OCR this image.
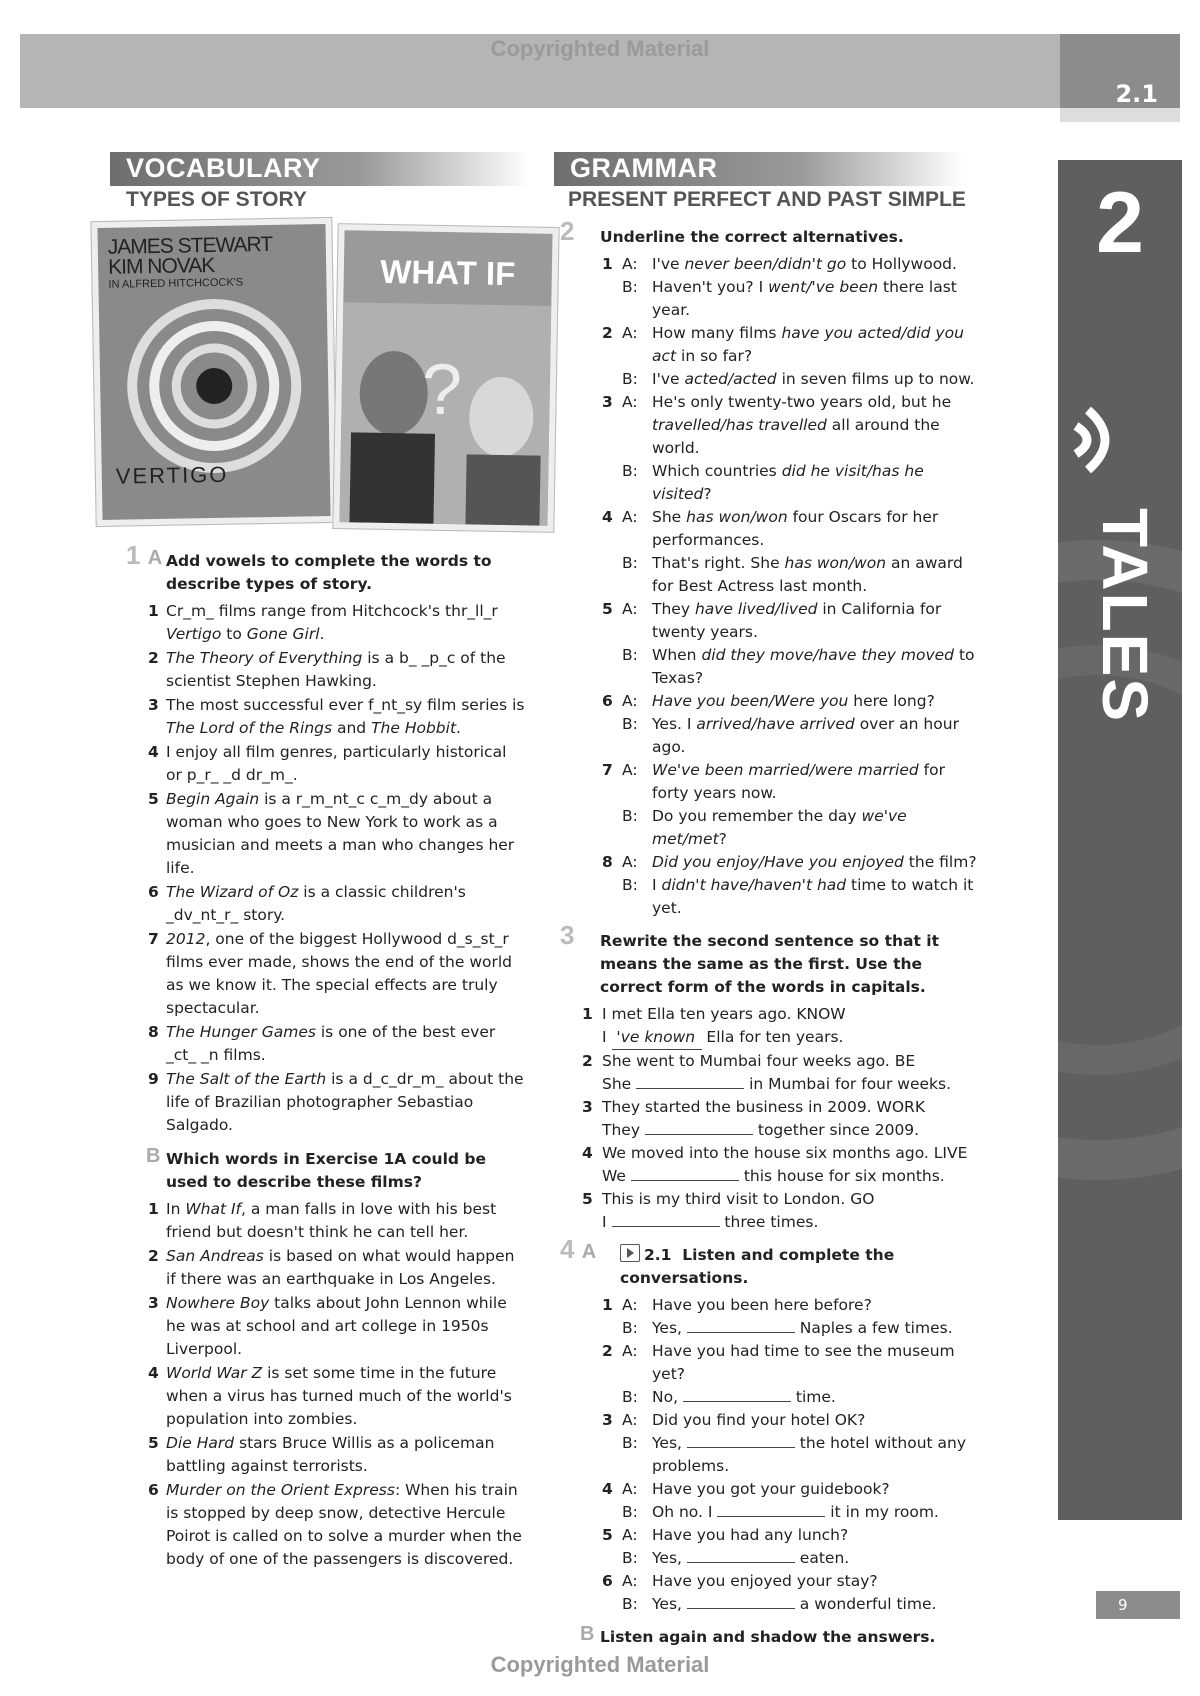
Copyrighted Material
2.1
2
TALES
VOCABULARY
TYPES OF STORY
GRAMMAR
PRESENT PERFECT AND PAST SIMPLE
JAMES STEWART
KIM NOVAK
IN ALFRED HITCHCOCK'S
VERTIGO
WHAT IF
?
1 A Add vowels to complete the words to describe types of story.
1 Cr_m_ films range from Hitchcock's thr_ll_r Vertigo to Gone Girl.
2 The Theory of Everything is a b_ _p_c of the scientist Stephen Hawking.
3 The most successful ever f_nt_sy film series is The Lord of the Rings and The Hobbit.
4 I enjoy all film genres, particularly historical or p_r_ _d dr_m_.
5 Begin Again is a r_m_nt_c c_m_dy about a woman who goes to New York to work as a musician and meets a man who changes her life.
6 The Wizard of Oz is a classic children's _dv_nt_r_ story.
7 2012, one of the biggest Hollywood d_s_st_r films ever made, shows the end of the world as we know it. The special effects are truly spectacular.
8 The Hunger Games is one of the best ever _ct_ _n films.
9 The Salt of the Earth is a d_c_dr_m_ about the life of Brazilian photographer Sebastiao Salgado.
B Which words in Exercise 1A could be used to describe these films?
1 In What If, a man falls in love with his best friend but doesn't think he can tell her.
2 San Andreas is based on what would happen if there was an earthquake in Los Angeles.
3 Nowhere Boy talks about John Lennon while he was at school and art college in 1950s Liverpool.
4 World War Z is set some time in the future when a virus has turned much of the world's population into zombies.
5 Die Hard stars Bruce Willis as a policeman battling against terrorists.
6 Murder on the Orient Express: When his train is stopped by deep snow, detective Hercule Poirot is called on to solve a murder when the body of one of the passengers is discovered.
2 Underline the correct alternatives.
1 A: I've never been/didn't go to Hollywood.
B: Haven't you? I went/'ve been there last year.
2 A: How many films have you acted/did you act in so far?
B: I've acted/acted in seven films up to now.
3 A: He's only twenty-two years old, but he travelled/has travelled all around the world.
B: Which countries did he visit/has he visited?
4 A: She has won/won four Oscars for her performances.
B: That's right. She has won/won an award for Best Actress last month.
5 A: They have lived/lived in California for twenty years.
B: When did they move/have they moved to Texas?
6 A: Have you been/Were you here long?
B: Yes. I arrived/have arrived over an hour ago.
7 A: We've been married/were married for forty years now.
B: Do you remember the day we've met/met?
8 A: Did you enjoy/Have you enjoyed the film?
B: I didn't have/haven't had time to watch it yet.
3 Rewrite the second sentence so that it means the same as the first. Use the correct form of the words in capitals.
1 I met Ella ten years ago. KNOW
I  've known  Ella for ten years.
2 She went to Mumbai four weeks ago. BE
She	in Mumbai for four weeks.
3 They started the business in 2009. WORK
They	together since 2009.
4 We moved into the house six months ago. LIVE
We	this house for six months.
5 This is my third visit to London. GO
I	three times.
4 A	2.1 Listen and complete the conversations.
1 A: Have you been here before?
B: Yes,	Naples a few times.
2 A: Have you had time to see the museum yet?
B: No,	time.
3 A: Did you find your hotel OK?
B: Yes,	the hotel without any problems.
4 A: Have you got your guidebook?
B: Oh no. I	it in my room.
5 A: Have you had any lunch?
B: Yes,	eaten.
6 A: Have you enjoyed your stay?
B: Yes,	a wonderful time.
B Listen again and shadow the answers.
9
Copyrighted Material
